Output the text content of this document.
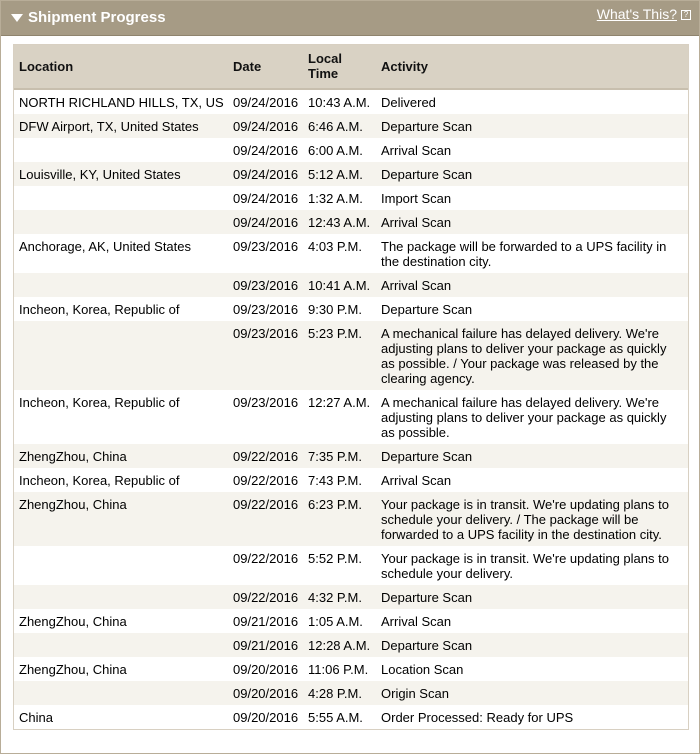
Shipment Progress	What's This? ?
Location	Date	Local Time	Activity
NORTH RICHLAND HILLS, TX, US	09/24/2016	10:43 A.M.	Delivered
DFW Airport, TX, United States	09/24/2016	6:46 A.M.	Departure Scan
	09/24/2016	6:00 A.M.	Arrival Scan
Louisville, KY, United States	09/24/2016	5:12 A.M.	Departure Scan
	09/24/2016	1:32 A.M.	Import Scan
	09/24/2016	12:43 A.M.	Arrival Scan
Anchorage, AK, United States	09/23/2016	4:03 P.M.	The package will be forwarded to a UPS facility in the destination city.
	09/23/2016	10:41 A.M.	Arrival Scan
Incheon, Korea, Republic of	09/23/2016	9:30 P.M.	Departure Scan
	09/23/2016	5:23 P.M.	A mechanical failure has delayed delivery. We're adjusting plans to deliver your package as quickly as possible. / Your package was released by the clearing agency.
Incheon, Korea, Republic of	09/23/2016	12:27 A.M.	A mechanical failure has delayed delivery. We're adjusting plans to deliver your package as quickly as possible.
ZhengZhou, China	09/22/2016	7:35 P.M.	Departure Scan
Incheon, Korea, Republic of	09/22/2016	7:43 P.M.	Arrival Scan
ZhengZhou, China	09/22/2016	6:23 P.M.	Your package is in transit. We're updating plans to schedule your delivery. / The package will be forwarded to a UPS facility in the destination city.
	09/22/2016	5:52 P.M.	Your package is in transit. We're updating plans to schedule your delivery.
	09/22/2016	4:32 P.M.	Departure Scan
ZhengZhou, China	09/21/2016	1:05 A.M.	Arrival Scan
	09/21/2016	12:28 A.M.	Departure Scan
ZhengZhou, China	09/20/2016	11:06 P.M.	Location Scan
	09/20/2016	4:28 P.M.	Origin Scan
China	09/20/2016	5:55 A.M.	Order Processed: Ready for UPS
